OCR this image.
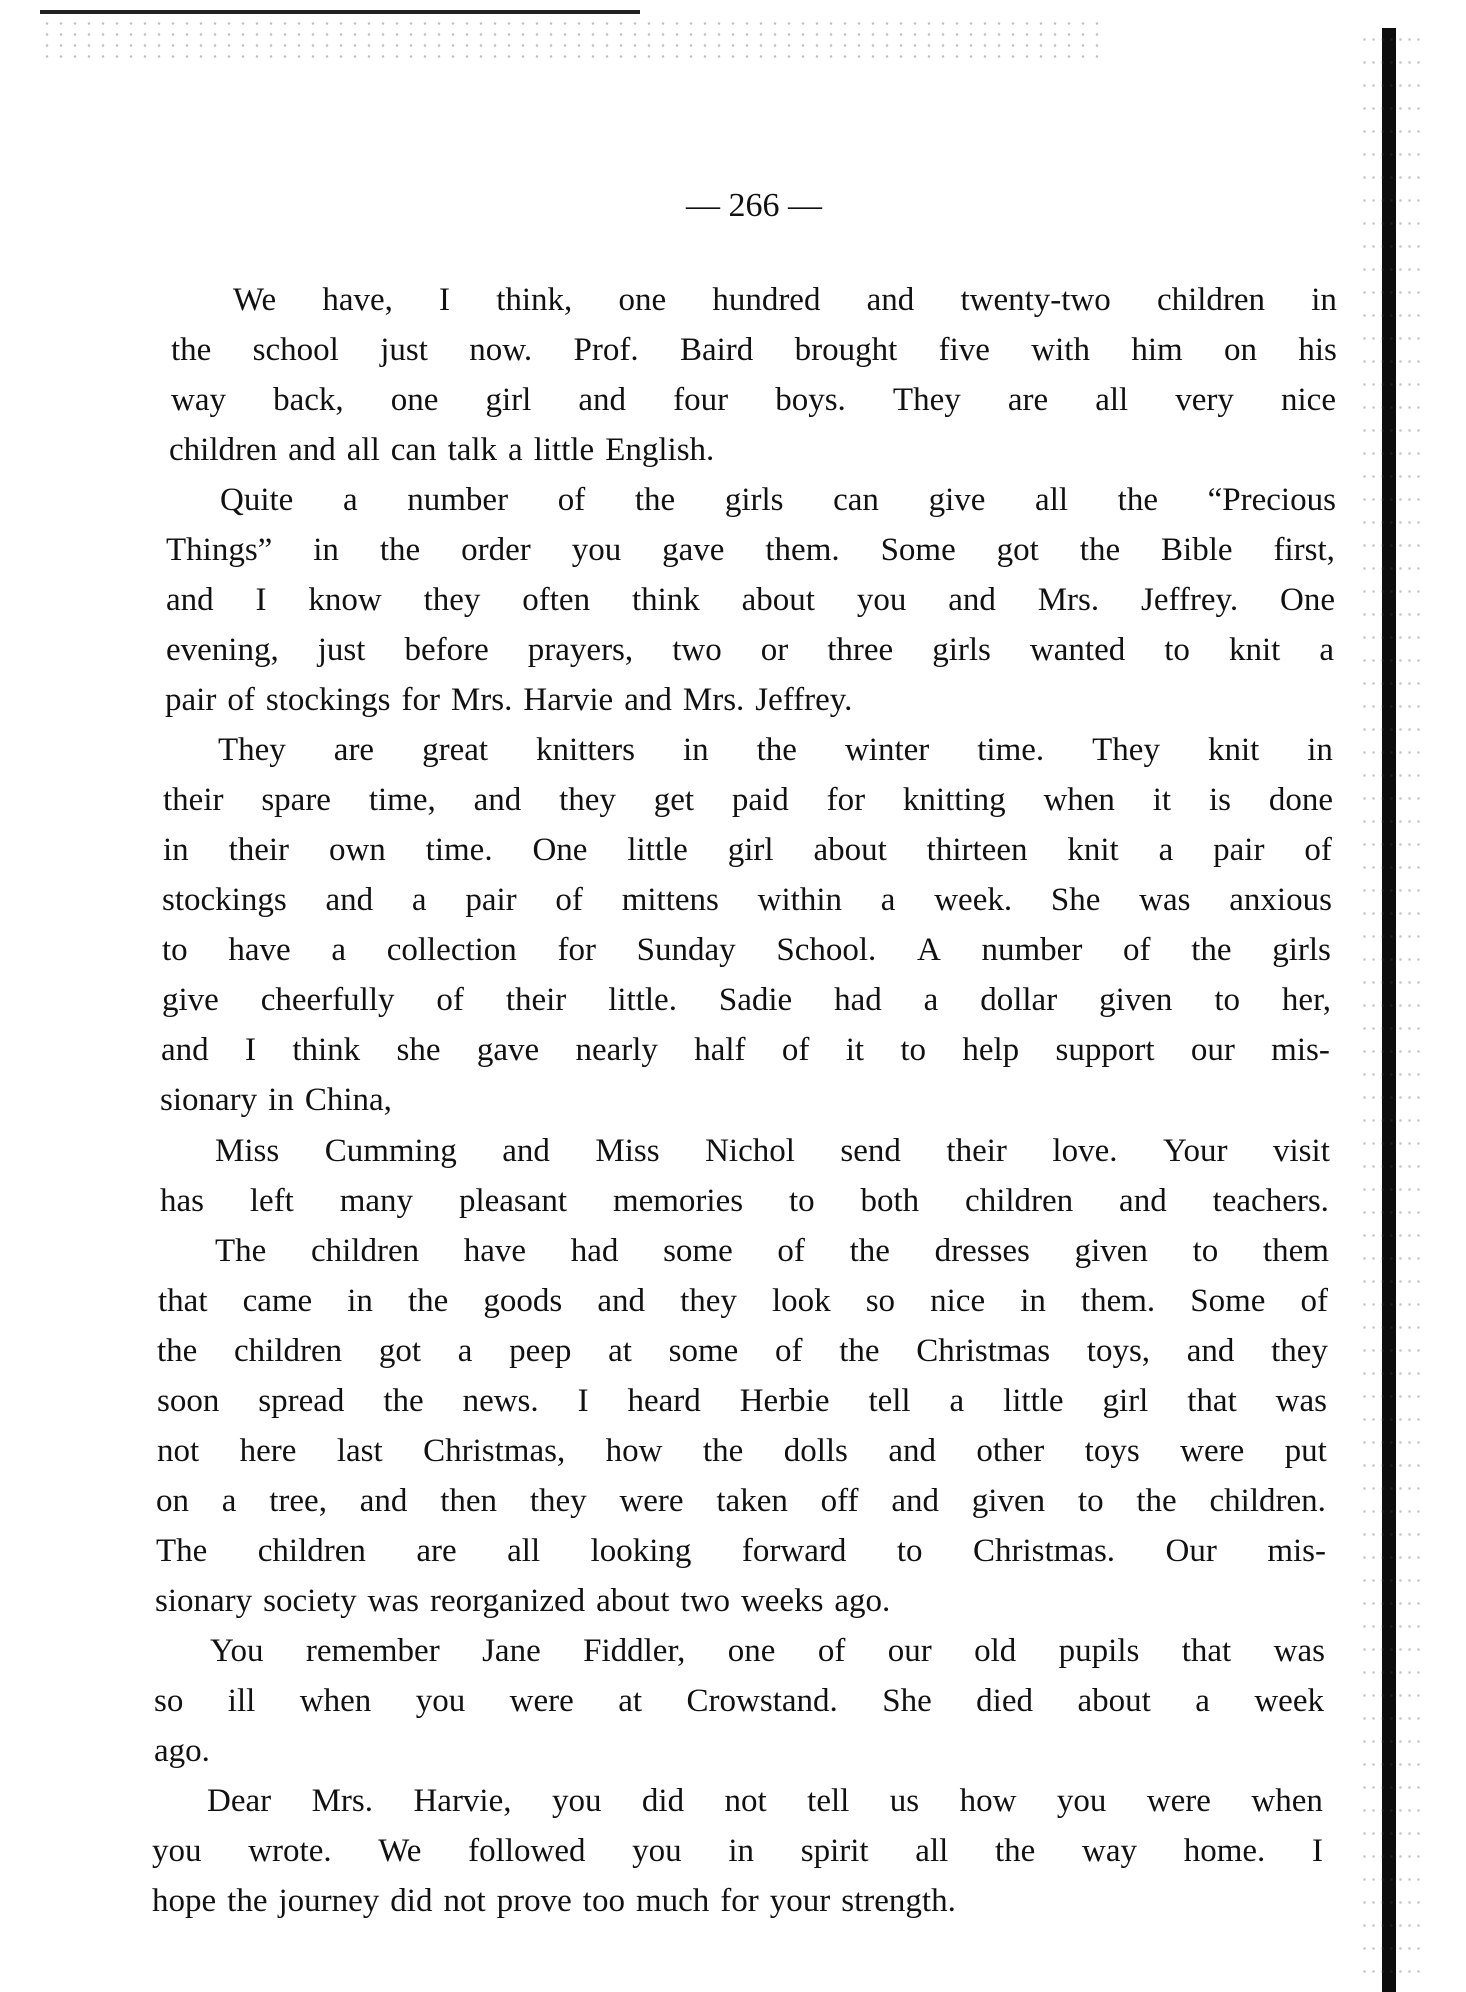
— 266 —
We have, I think, one hundred and twenty-two children in
the school just now. Prof. Baird brought five with him on his
way back, one girl and four boys. They are all very nice
children and all can talk a little English.
Quite a number of the girls can give all the “Precious
Things” in the order you gave them. Some got the Bible first,
and I know they often think about you and Mrs. Jeffrey. One
evening, just before prayers, two or three girls wanted to knit a
pair of stockings for Mrs. Harvie and Mrs. Jeffrey.
They are great knitters in the winter time. They knit in
their spare time, and they get paid for knitting when it is done
in their own time. One little girl about thirteen knit a pair of
stockings and a pair of mittens within a week. She was anxious
to have a collection for Sunday School. A number of the girls
give cheerfully of their little. Sadie had a dollar given to her,
and I think she gave nearly half of it to help support our mis-
sionary in China,
Miss Cumming and Miss Nichol send their love. Your visit
has left many pleasant memories to both children and teachers.
The children have had some of the dresses given to them
that came in the goods and they look so nice in them. Some of
the children got a peep at some of the Christmas toys, and they
soon spread the news. I heard Herbie tell a little girl that was
not here last Christmas, how the dolls and other toys were put
on a tree, and then they were taken off and given to the children.
The children are all looking forward to Christmas. Our mis-
sionary society was reorganized about two weeks ago.
You remember Jane Fiddler, one of our old pupils that was
so ill when you were at Crowstand. She died about a week
ago.
Dear Mrs. Harvie, you did not tell us how you were when
you wrote. We followed you in spirit all the way home. I
hope the journey did not prove too much for your strength.
